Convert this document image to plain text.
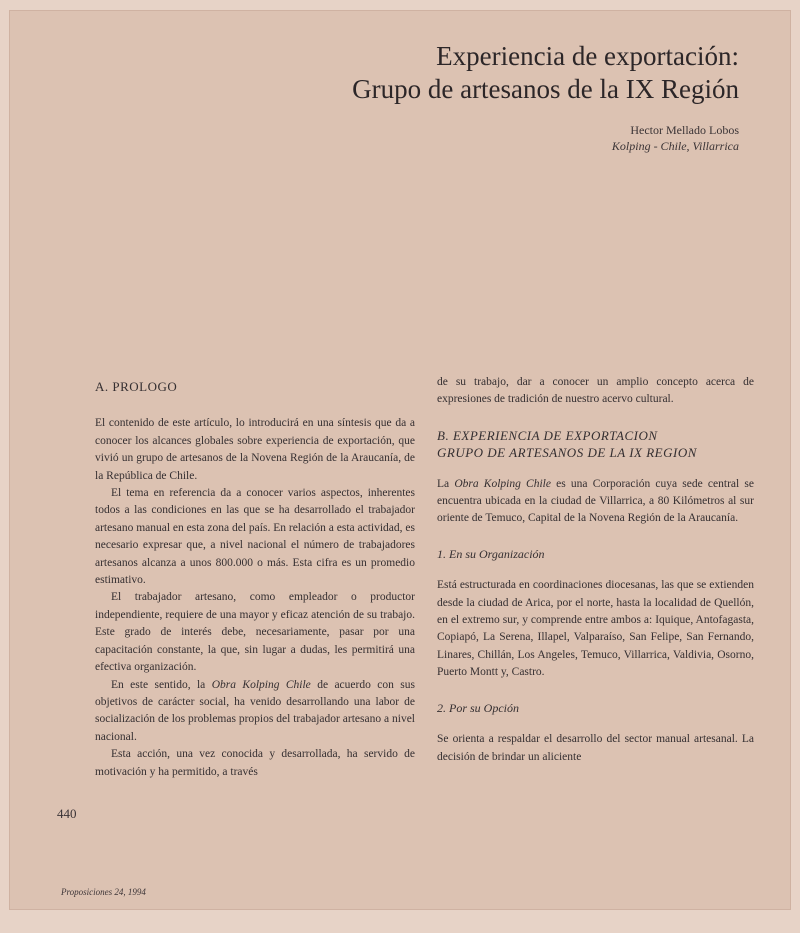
Experiencia de exportación:
Grupo de artesanos de la IX Región
Hector Mellado Lobos
Kolping - Chile, Villarrica
A. PROLOGO

El contenido de este artículo, lo introducirá en una síntesis que da a conocer los alcances globales sobre experiencia de exportación, que vivió un grupo de artesanos de la Novena Región de la Araucanía, de la República de Chile.

El tema en referencia da a conocer varios aspectos, inherentes todos a las condiciones en las que se ha desarrollado el trabajador artesano manual en esta zona del país. En relación a esta actividad, es necesario expresar que, a nivel nacional el número de trabajadores artesanos alcanza a unos 800.000 o más. Esta cifra es un promedio estimativo.

El trabajador artesano, como empleador o productor independiente, requiere de una mayor y eficaz atención de su trabajo. Este grado de interés debe, necesariamente, pasar por una capacitación constante, la que, sin lugar a dudas, les permitirá una efectiva organización.

En este sentido, la Obra Kolping Chile de acuerdo con sus objetivos de carácter social, ha venido desarrollando una labor de socialización de los problemas propios del trabajador artesano a nivel nacional.

Esta acción, una vez conocida y desarrollada, ha servido de motivación y ha permitido, a través

de su trabajo, dar a conocer un amplio concepto acerca de expresiones de tradición de nuestro acervo cultural.

B. EXPERIENCIA DE EXPORTACION
GRUPO DE ARTESANOS DE LA IX REGION

La Obra Kolping Chile es una Corporación cuya sede central se encuentra ubicada en la ciudad de Villarrica, a 80 Kilómetros al sur oriente de Temuco, Capital de la Novena Región de la Araucanía.

1. En su Organización

Está estructurada en coordinaciones diocesanas, las que se extienden desde la ciudad de Arica, por el norte, hasta la localidad de Quellón, en el extremo sur, y comprende entre ambos a: Iquique, Antofagasta, Copiapó, La Serena, Illapel, Valparaíso, San Felipe, San Fernando, Linares, Chillán, Los Angeles, Temuco, Villarrica, Valdivia, Osorno, Puerto Montt y, Castro.

2. Por su Opción

Se orienta a respaldar el desarrollo del sector manual artesanal. La decisión de brindar un aliciente

440
Proposiciones 24, 1994
